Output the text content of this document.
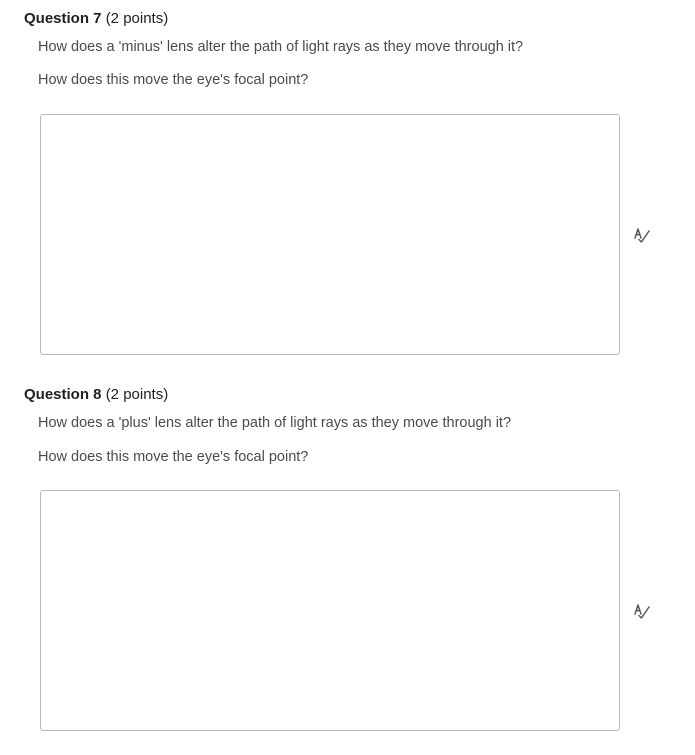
Question 7 (2 points)
How does a 'minus' lens alter the path of light rays as they move through it?
How does this move the eye's focal point?
Question 8 (2 points)
How does a 'plus' lens alter the path of light rays as they move through it?
How does this move the eye's focal point?
